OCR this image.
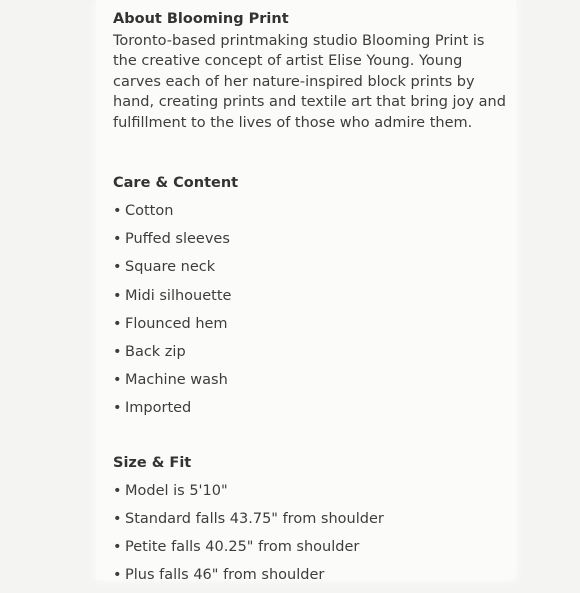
About Blooming Print

Toronto-based printmaking studio Blooming Print is the creative concept of artist Elise Young. Young carves each of her nature-inspired block prints by hand, creating prints and textile art that bring joy and fulfillment to the lives of those who admire them.

Care & Content
• Cotton
• Puffed sleeves
• Square neck
• Midi silhouette
• Flounced hem
• Back zip
• Machine wash
• Imported
Size & Fit
• Model is 5'10"
• Standard falls 43.75" from shoulder
• Petite falls 40.25" from shoulder
• Plus falls 46" from shoulder
